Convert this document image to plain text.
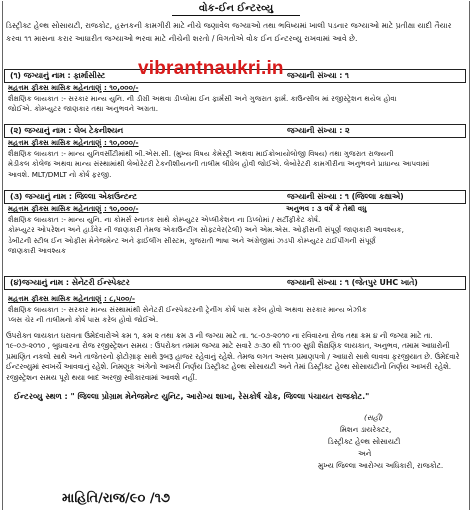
વોક-ઈન ઈન્ટરવ્યુ
ડિસ્ટ્રીક્ટ હેલ્થ સોસાયટી, રાજકોટ, હસ્તકની કામગીરી માટે નીચે જણાવેલ જગ્યાઓ તથા ભવિષ્યમાં ખાલી પડનાર જગ્યાઓ માટે પ્રતીક્ષા યાદી તૈયાર કરવા ૧૧ માસના કરાર આધારીત જગ્યાઓ ભરવા માટે નીચેની શરતો / વિગતોએ વોક ઈન ઈન્ટરવ્યુ રાખવામાં આવે છે.
(૧) જગ્યાનું નામ : ફાર્માસીસ્ટ	જગ્યાની સંખ્યા : ૧
મહત્તમ ફીક્સ માસિક મહેનતાણું : ૧૦,૦૦૦/-
શૈક્ષણિક લાયકાત :- સરકાર માન્ય યુનિ. ની ડીગ્રી અથવા ડીપ્લોમા ઈન ફાર્મસી અને ગુજરાત ફાર્મ. કાઉન્સીલ માં રજીસ્ટ્રેશન થયેલ હોવા
જોઈએ. કોમ્પ્યુટર જાણકાર તથા અનુભવને અગ્રતા.
(૨) જગ્યાનું નામ : લેબ ટેકનીશ્યન	જગ્યાની સંખ્યા : ૨
મહત્તમ ફીક્સ માસિક મહેનતાણું : ૧૦,૦૦૦/-
શૈક્ષણિક લાયકાત :- માન્ય યુનિવર્સીટીમાંથી બી.એસ.સી. (મુખ્ય વિષય કેમેસ્ટ્રી અથવા માઈક્રોબાયોલોજી વિષય) તથા ગુજરાત રાજ્યની
મેડીકલ કોલેજ અથવા માન્ય સંસ્થામાંથી લેબોરેટરી ટેકનીશીયનની તાલીમ લીધેલ હોવી જોઈએ. લેબોરેટરી કામગીરીના અનુભવને પ્રાધાન્ય આપવામાં
આવશે. MLT/DMLT નો કોર્ષ ફરજી.
(૩) જગ્યાનું નામ : જિલ્લા એકાઉન્ટન્ટ	જગ્યાની સંખ્યા : ૧ (જિલ્લા કક્ષાએ)
મહત્તમ ફીક્સ માસિક મહેનતાણું : ૧૦,૦૦૦/-	અનુભવ : ૩ વર્ષ કે તેથી વધુ
શૈક્ષણિક લાયકાત :- માન્ય યુનિ. ના કોમર્સ સ્નાતક સાથે કોમ્પ્યુટર એપ્લીકેશન ના ડિપ્લોમાં / સર્ટીફીકેટ કોર્ષ.
કોમ્પ્યુટર ઓપરેશન અને હાર્ડવેર ની જાણકારી તેમજ એકાઉન્ટીંગ સોફ્ટવેર(ટેલી) અને એમ.એસ. ઓફીસની સંપૂર્ણ જાણકારી આવશ્યક,
ડેબીટની સ્ટીલ ઈન ઓફીસ મેનેજમેન્ટ અને ફાઈલીંગ સીસ્ટમ, ગુજરાતી ભાષા અને અંગ્રેજીમાં ઝડપી કોમ્પ્યુટર ટાઈપીંગની સંપૂર્ણ
જાણકારી આવશ્યક
(૪)જગ્યાનું નામ : સેનેટરી ઈન્સ્પેક્ટર	જગ્યાની સંખ્યા : ૧ (જેતપુર UHC ખાતે)
મહત્તમ ફીક્સ માસિક મહેનતાણું : ૮,૫૦૦/-
શૈક્ષણિક લાયકાત :- સરકાર માન્ય સંસ્થામાંથી સેનેટરી ઈન્સ્પેક્ટરની ટ્રેનીંગ કોર્ષ પાસ કરેલ હોવો અથવા સરકાર માન્ય બેઝીક
પ્લસ ચેર ની તાલીમનો કોર્ષ પાસ કરેલ હોવો જોઈએ.
ઉપરોક્ત લાયકાત ધરાવતા ઉમેદવારોએ ક્રમ ૧, ક્રમ ૨ તથા ક્રમ ૩ ની જગ્યા માટે તા. ૧૮-૦૭-૨૦૧૦ ના રવિવારના રોજ તથા ક્રમ ૪ ની જગ્યા માટે તા. ૧૯-૦૭-૨૦૧૦ , બુધવારના રોજ રજીસ્ટ્રેશન સમય : ઉપરોક્ત તમામ જગ્યા માટે સવારે ૭ઃ૩૦ થી ૧૧ઃ૦૦ સુધી શૈક્ષણિક લાયકાત, અનુભવ, તમામ આધારોની પ્રમાણિત નકલો સાથે અને તાજેતરનો ફોટોગ્રાફ સાથે રૂબરૂ હાજર રહેવાનું રહેશે. તેમજ લગત અસલ પ્રમાણપત્રો / આધારો સાથે લાવવા ફરજીયાત છે. ઉમેદવારે ઈન્ટરવ્યુમાં સ્વખર્ચે આવવાનું રહેશે. નિમણૂક અંગેનો આખરી નિર્ણય ડિસ્ટ્રીક્ટ હેલ્થ સોસાયટી અને તેમાં ડિસ્ટ્રીક્ટ હેલ્થ સોસાયટીનો નિર્ણય આખરી રહેશે. રજીસ્ટ્રેશન સમય પૂરો થયા બાદ અરજી સ્વીકારવામાં આવશે નહીં.
ઈન્ટરવ્યુ સ્થળ : " જિલ્લા પ્રોગ્રામ મેનેજમેન્ટ યુનિટ, આરોગ્ય શાખા, રેસકોર્ષ ચોક, જિલ્લા પંચાયત રાજકોટ."
(સહી)
મિશન ડાયરેક્ટર,
ડિસ્ટ્રીક્ટ હેલ્થ સોસાયટી
અને
મુખ્ય જિલ્લા આરોગ્ય અધિકારી, રાજકોટ.
માહિતિ/રાજ/૯૦ /૧૭
vibrantnaukri.in
